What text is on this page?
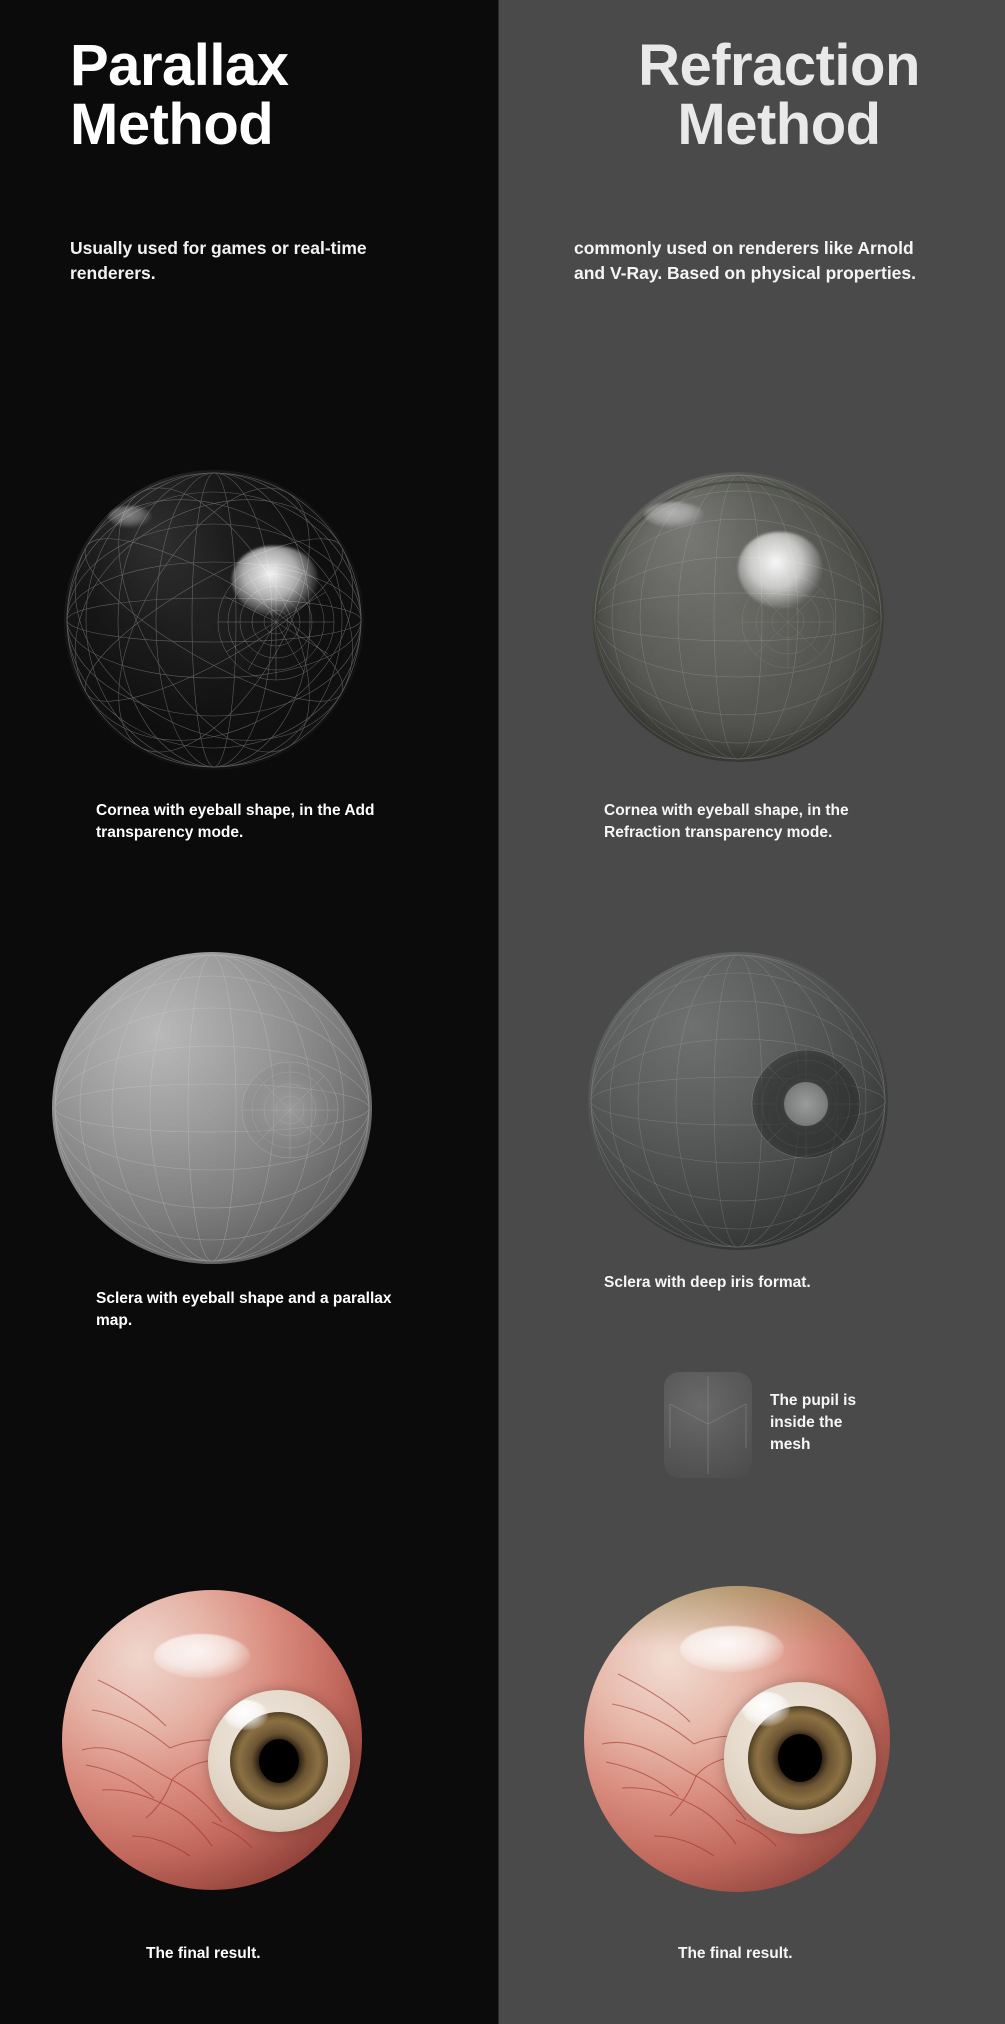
Parallax Method
Usually used for games or real-time renderers.
Cornea with eyeball shape, in the Add transparency mode.
Sclera with eyeball shape and a parallax map.
The final result.
Refraction Method
commonly used on renderers like Arnold and V-Ray. Based on physical properties.
Cornea with eyeball shape, in the Refraction transparency mode.
Sclera with deep iris format.
The pupil is inside the mesh
The final result.
